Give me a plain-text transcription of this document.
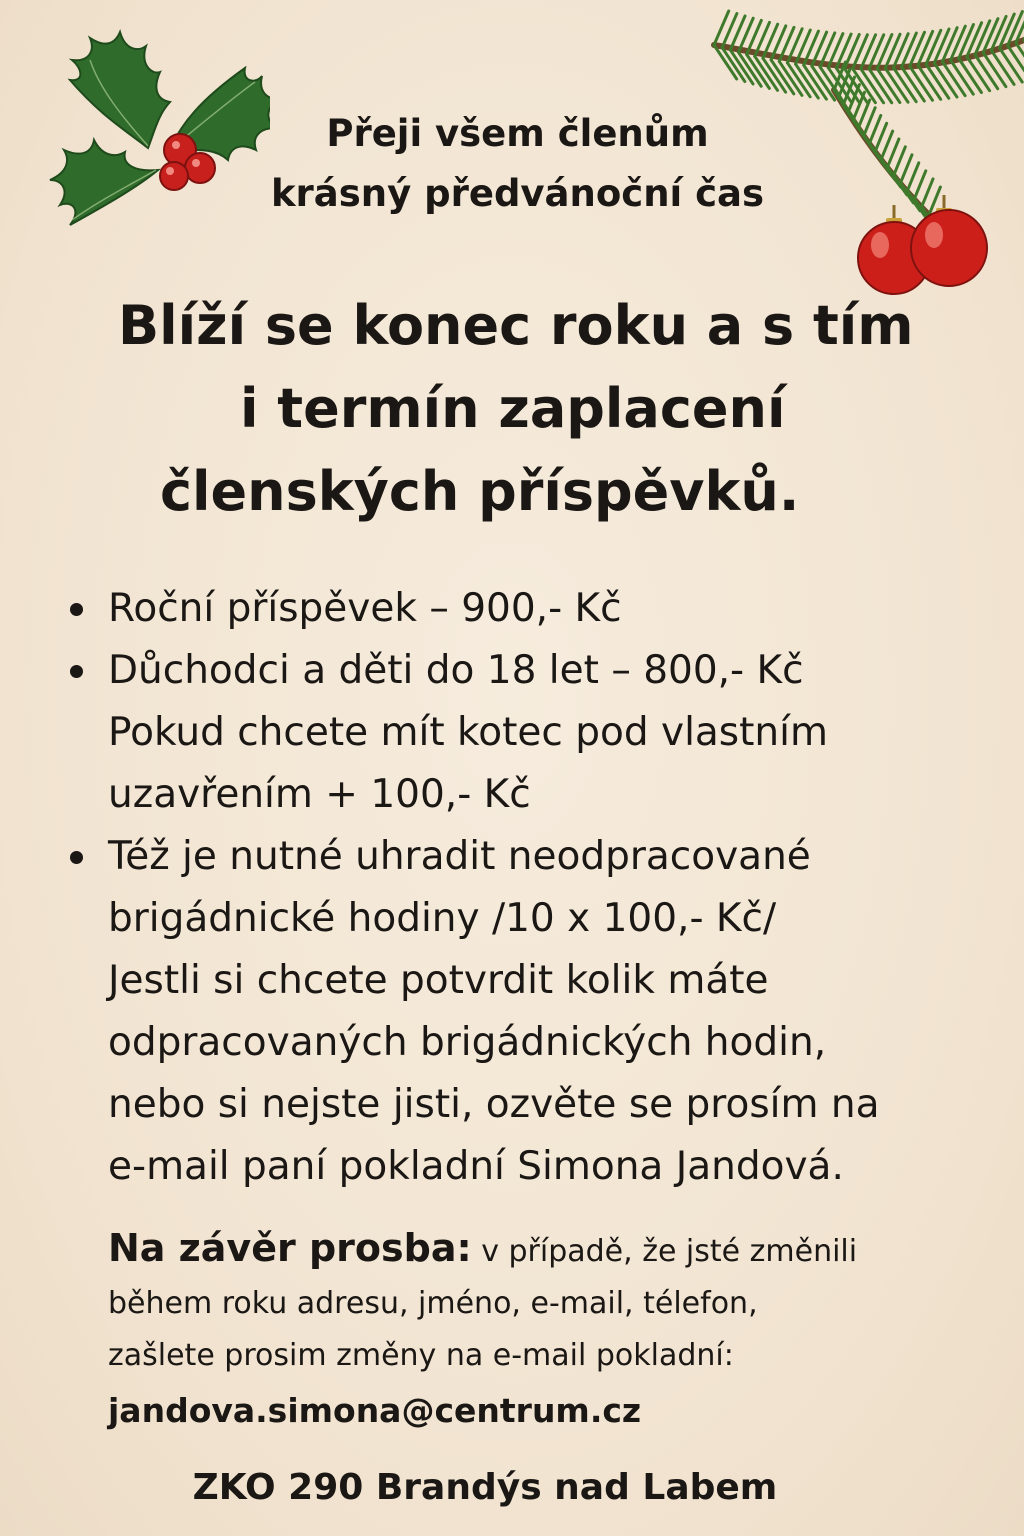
Přeji všem členům
krásný předvánoční čas
Blíží se konec roku a s tím
i termín zaplacení
členských příspěvků.
Roční příspěvek – 900,- Kč
Důchodci a děti do 18 let – 800,- Kč
Pokud chcete mít kotec pod vlastním
uzavřením + 100,- Kč
Též je nutné uhradit neodpracované
brigádnické hodiny /10 x 100,- Kč/
Jestli si chcete potvrdit kolik máte
odpracovaných brigádnických hodin,
nebo si nejste jisti, ozvěte se prosím na
e-mail paní pokladní Simona Jandová.
Na závěr prosba: v případě, že jsté změnili
během roku adresu, jméno, e-mail, télefon,
zašlete prosim změny na e-mail pokladní:
jandova.simona@centrum.cz
ZKO 290 Brandýs nad Labem
